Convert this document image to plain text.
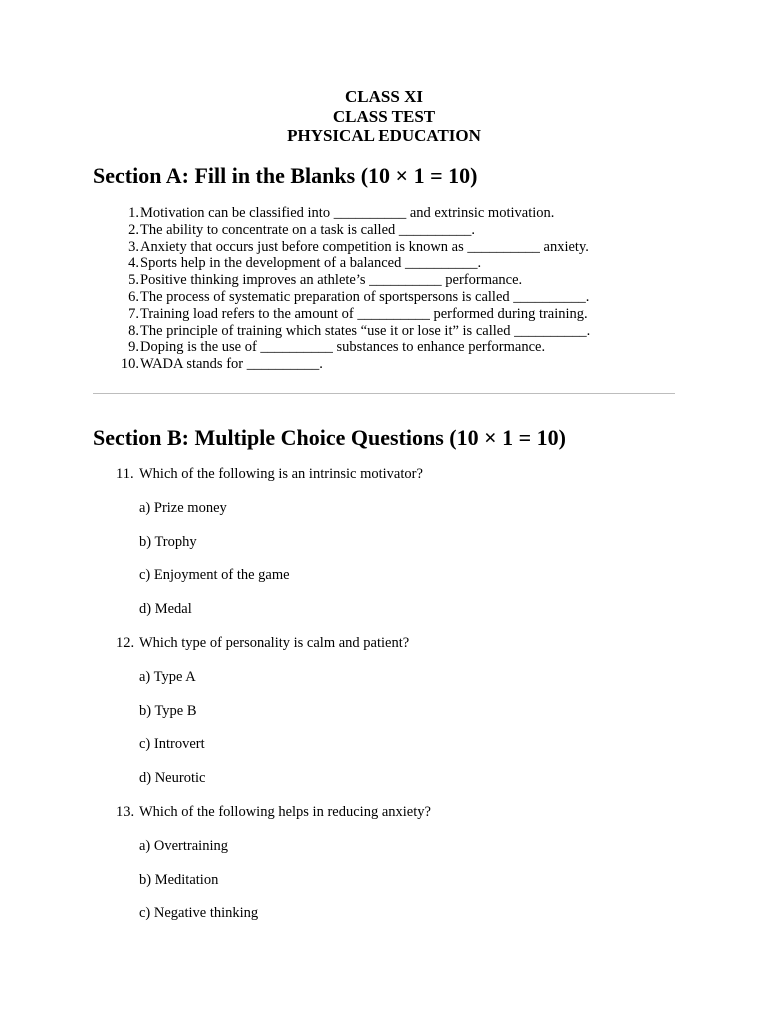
CLASS XI
CLASS TEST
PHYSICAL EDUCATION
Section A: Fill in the Blanks (10 × 1 = 10)
1. Motivation can be classified into __________ and extrinsic motivation.
2. The ability to concentrate on a task is called __________.
3. Anxiety that occurs just before competition is known as __________ anxiety.
4. Sports help in the development of a balanced __________.
5. Positive thinking improves an athlete’s __________ performance.
6. The process of systematic preparation of sportspersons is called __________.
7. Training load refers to the amount of __________ performed during training.
8. The principle of training which states “use it or lose it” is called __________.
9. Doping is the use of __________ substances to enhance performance.
10. WADA stands for __________.
Section B: Multiple Choice Questions (10 × 1 = 10)
11. Which of the following is an intrinsic motivator?
a) Prize money
b) Trophy
c) Enjoyment of the game
d) Medal
12. Which type of personality is calm and patient?
a) Type A
b) Type B
c) Introvert
d) Neurotic
13. Which of the following helps in reducing anxiety?
a) Overtraining
b) Meditation
c) Negative thinking
